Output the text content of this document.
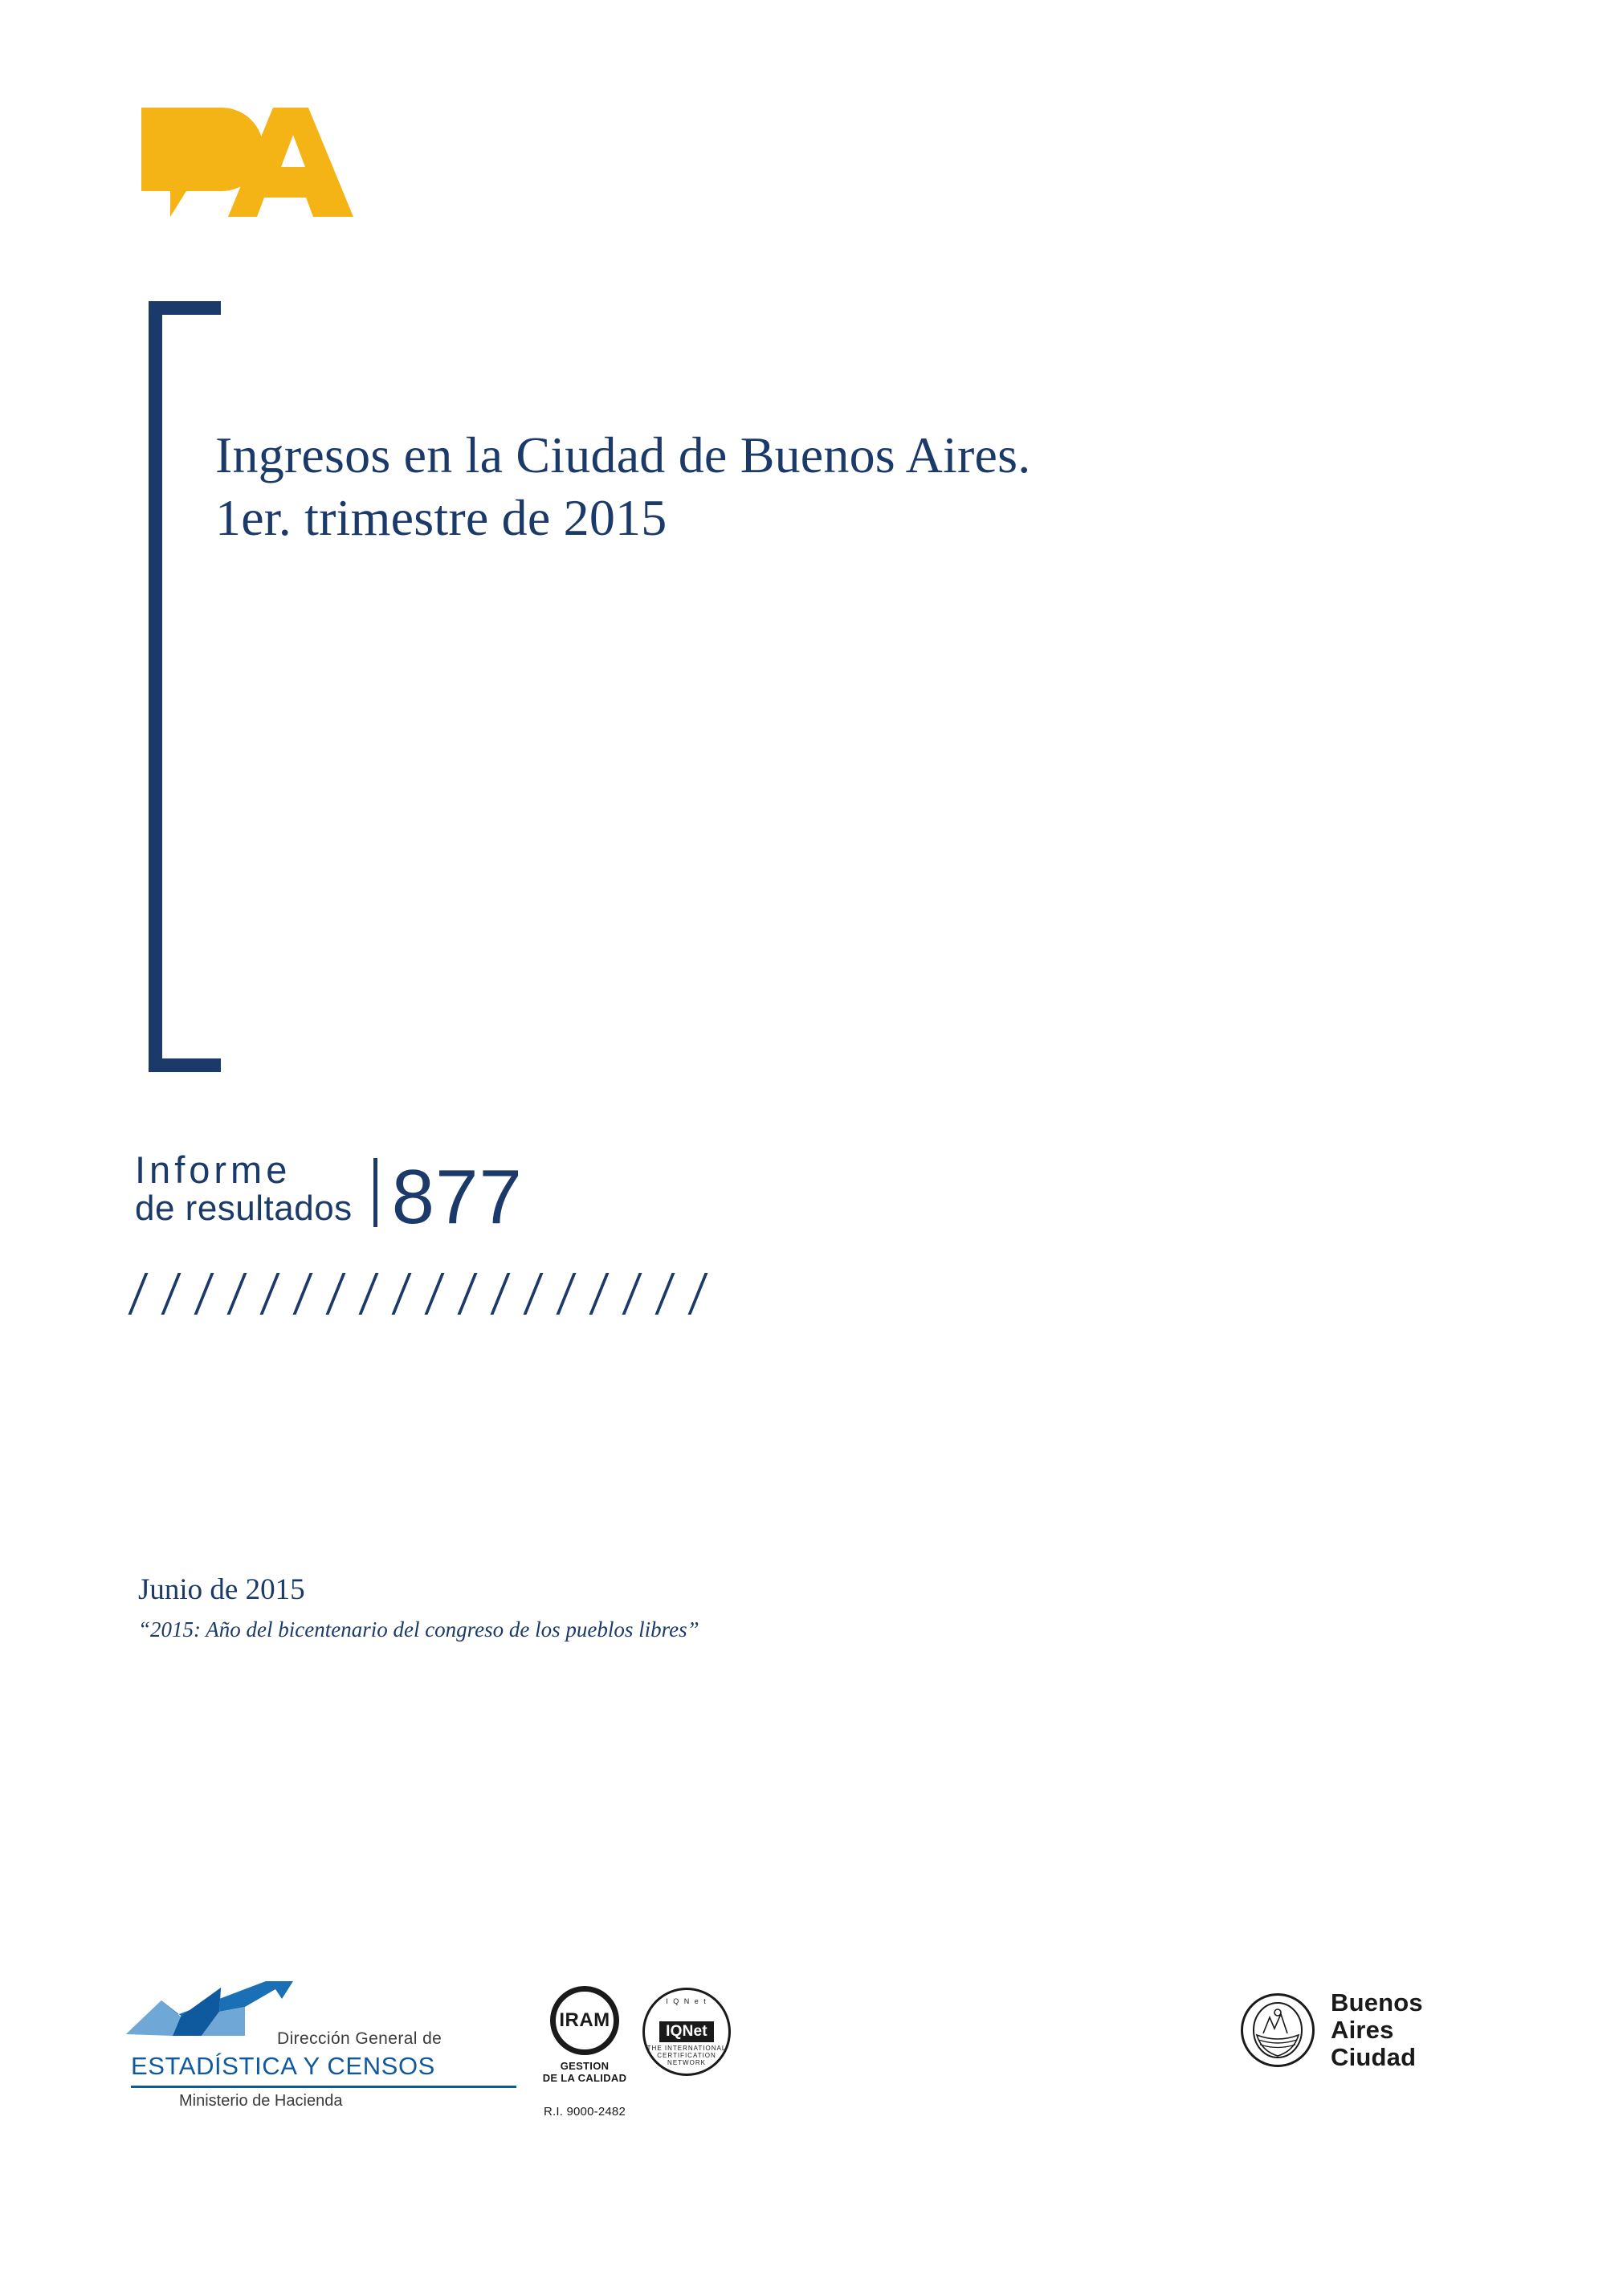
Ingresos en la Ciudad de Buenos Aires.
1er. trimestre de 2015
Informe
de resultados 877
Junio de 2015
“2015: Año del bicentenario del congreso de los pueblos libres”
Dirección General de
ESTADÍSTICA Y CENSOS
Ministerio de Hacienda
IRAM
GESTION
DE LA CALIDAD
R.I. 9000-2482
I Q N e t
IQNet
THE INTERNATIONAL CERTIFICATION NETWORK
Buenos
Aires
Ciudad
